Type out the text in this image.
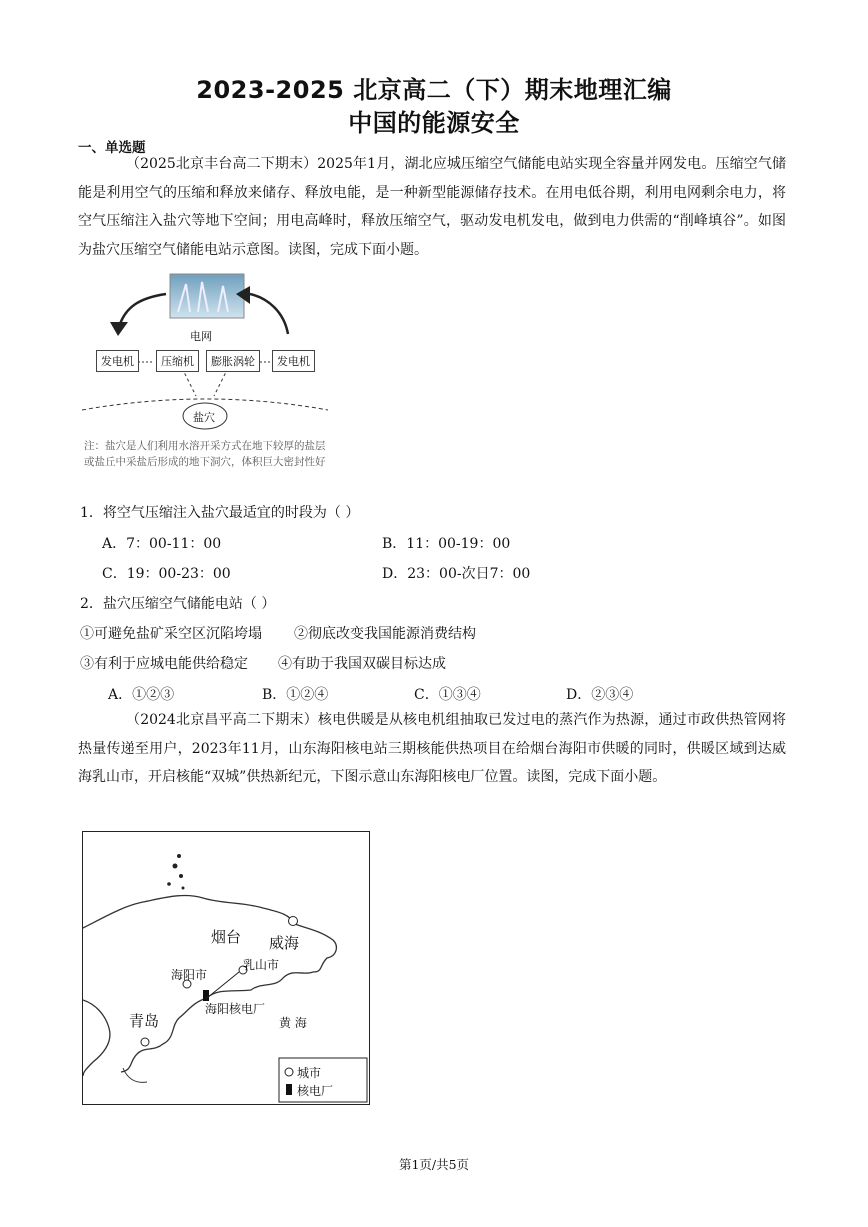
2023-2025 北京高二（下）期末地理汇编
中国的能源安全
一、单选题
（2025北京丰台高二下期末）2025年1月，湖北应城压缩空气储能电站实现全容量并网发电。压缩空气储能是利用空气的压缩和释放来储存、释放电能，是一种新型能源储存技术。在用电低谷期，利用电网剩余电力，将空气压缩注入盐穴等地下空间；用电高峰时，释放压缩空气，驱动发电机发电，做到电力供需的“削峰填谷”。如图为盐穴压缩空气储能电站示意图。读图，完成下面小题。
电网
发电机	压缩机	膨胀涡轮	发电机
盐穴
注：盐穴是人们利用水溶开采方式在地下较厚的盐层或盐丘中采盐后形成的地下洞穴，体积巨大密封性好
1．将空气压缩注入盐穴最适宜的时段为（ ）
A．7：00-11：00	B．11：00-19：00
C．19：00-23：00	D．23：00-次日7：00
2．盐穴压缩空气储能电站（ ）
①可避免盐矿采空区沉陷垮塌 ②彻底改变我国能源消费结构
③有利于应城电能供给稳定 ④有助于我国双碳目标达成
A．①②③	B．①②④	C．①③④	D．②③④
（2024北京昌平高二下期末）核电供暖是从核电机组抽取已发过电的蒸汽作为热源，通过市政供热管网将热量传递至用户，2023年11月，山东海阳核电站三期核能供热项目在给烟台海阳市供暖的同时，供暖区域到达威海乳山市，开启核能“双城”供热新纪元，下图示意山东海阳核电厂位置。读图，完成下面小题。
烟台 威海
海阳市
乳山市
海阳核电厂
青岛	黄 海
城市
核电厂
第1页/共5页
